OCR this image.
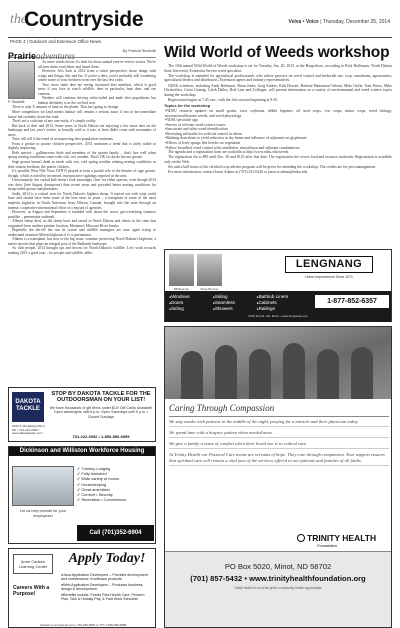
the
Countryside	Velva • Voice | Thursday, December 25, 2014
PAGE 4 | Outdoors and Extension Office News
Prairieadventures	By Patricia Stockdill

As snow winds down, it's time for those annual year-in-review stories. We've all seen them, read them, and heard them.

However, let's look at 2014 from a critter perspective, those things with wings and things, this and fur. If you're a deer, you're probably still wondering where some of your brethren went over the last few years.

True, more mule deer are seeing increased deer numbers, which is good news if you love to watch wildlife, deer in particular, hunt deer, and see venison.

Weather will continue driving white-tailed and mule deer populations but habitat definitely is in the cat-bird seat.

There is only X amount of land on the planet. That isn't going to change.

More competition for land means habitat will remain a serious issue, if not in the immediate future but certainly down the road.

That's not a criticism of any one entity, it's simply reality.

But back to deer and 2014. Some areas in North Dakota are enjoying a few more deer on the landscape and last year's winter, as brutally cold as it was, at least didn't come with mountains of snow.

Time will tell if the trend of an improving deer population continues.

From a grouse or prairie chicken perspective, 2014 continues a trend that is fairly stable to slightly improving.

Both species – gallinaceous birds and members of the grouse family – don't fare well when spring nesting conditions come with cold, wet weather. That's OK for ducks but not grouse.

Sage grouse haven't dealt as much with wet, cold spring weather relating nesting conditions as their eastern brethren, the prairie chicken.

It's possible West Nile Virus (WNV) played at least a partial role in the demise of sage grouse, though, which is noted by increased, incorporative sightings reported in the area.

Unfortunately, the crystal ball doesn't look stunningly clear for either species, even though 2014 was drier (late August downpours) than recent years and provided better nesting conditions for sharp-tailed grouse and pheasants.

Sadly, 2014 is a critical year for North Dakota's bighorn sheep. It started out with what could have and should have been some of the best news in years – a transplant of some of the most majestic bighorns in North American from Alberta, Canada, brought into the state through an intense, cooperative international effort of a myriad of agencies.

However, in August and September it tumbled with about the worst, gut-wrenching situation possible – pneumonia outbreak.

Alberta sheep died, as did sheep born and raised in North Dakota and others in the state that originated from another pristine location, Montana's Missouri River breaks.

Hopefully the die-off has run its course and wildlife managers are once again trying to understand situation Alberta bighorns it is to pneumonia.

Alberta is a transplant, but now to the big issue, continue preserving North Dakota's bighorns, a native species that plays an integral part of the Badlands landscape.

As with people, 2014 brought ups and downs for North Dakota's wildlife. Let's work towards making 2015 a good year – for people and wildlife, alike.

P. Stockdill
DAKOTA TACKLE
1810 S. Broadway Minot, ND • 701-222-3092 • www.dakotatackle.com
STOP BY DAKOTA TACKLE FOR THE OUTDOORSMAN ON YOUR LIST!
We have thousands of gift items under $10! Gift Cards Available! Open weeknights until 8 p.m. Open Saturdays until 5 p.m. • Closed Sundays
701-222-3092 • 1-800-890-6995
Dickinson and Williston Workforce Housing
✓ Turnkey Lodging
✓ Fully furnished
✓ Wide variety of rooms
✓ Housekeeping
✓ Great amenities!
✓ Comfort • Security
✓ Recreation • Convenience
Let us help provide for your employees!
Call (701)352-6904
Anne Carlsen Learning Center
Apply Today!
Careers With a Purpose!
● Java Application Developers – Provides development and maintenance of software products
● Web Application Developers – Produces business, design & development
● Benefits include: Family Paid Health Care, Pension Plan, Sick & Holiday Pay, & Paid Work Schedule
Contact us at www.acl.com • 701-252-3850 or TTY 1-800-366-6888
Wild World of Weeds workshop

The 10th annual Wild World of Weeds workshop is set for Tuesday, Jan. 20, 2015, at the Bergerboro, according to Rick Hoffmann, North Dakota State University Extension Service weed specialist.

The workshop is intended for agricultural professionals who advise growers on weed control and herbicide use, crop consultants, agronomists, agricultural dealers and distributors, Extension agents and industry representatives.

NDSU scientists, including Andy Robinson, Brian Jenks, Greg Endres, Kirk Howatt, Harlene Hatterman-Valenti, Mike Ostlie, Tom Peters, Mike Christoffers, Greta Gramig, Caleb Dalley, Rod Lym and Zollinger, will present information on a variety of environmental and weed science topics during the workshop.

Registration begins at 7:45 a.m., with the first session beginning at 8:30.

Topics for the workshop

• NDSU research updates on small grains, corn, soybeans, edible legumes, oil seed crops, row crops, minor crops, weed biology, noxious/troublesome weeds, and weed physiology
• NDSU pesticide app
• Survey of relevant weed science issues
• Inaccurate and other weed identification
• Revisiting trifluralin for wild oat control in wheat
• Relating drawdown to yield reduction in dry beans and influence of adjuvants on glyphosate
• Effects of leafy spurge flea beetles on vegetation
• Fallow broadleaf weed control with saturflufen, rimsulfuron and adjuvant combinations

The agenda and a registration form are available at http://www.ndsu.edu/weeds.

The registration fee is $85 until Dec. 30 and $125 after that date. The registration fee covers food and resource materials. Registration is available only on the Web.

Six and a half hours of the certified crop adviser program will be given for attending the workshop. The credits are for pest management.

For more information, contact Jason Adams at (701) 231-6226 or jason.w.adams@ndsu.edu.

Bill Beaman	Steve Brenner
LENGNANG
Home Improvement Since 1971
● Windows	● Siding	● Bathtub Liners
● Doors	● Seamless	● Cabinets
● Siding	● Showers	● Railings
1-877-852-6357
2310 2nd St. SE, Minot • www.lengnang.com
Caring Through Compassion

We stay awake with patients in the middle of the night, praying for a miracle and their physician today.

We spend time with a hospice patient when needed most.

We give a family a sense of comfort when their loved one is in critical care.

At Trinity Health our Pastoral Care teams are servants of hope. They care through compassion. Your support ensures that spiritual care will remain a vital part of the services offered to our patients and families of all faiths.

TRINITY HEALTH
Foundation
PO Box 5020, Minot, ND 58702
(701) 857-5432 • www.trinityhealthfoundation.org
Trinity Health is a not-for-profit, community-health organization
